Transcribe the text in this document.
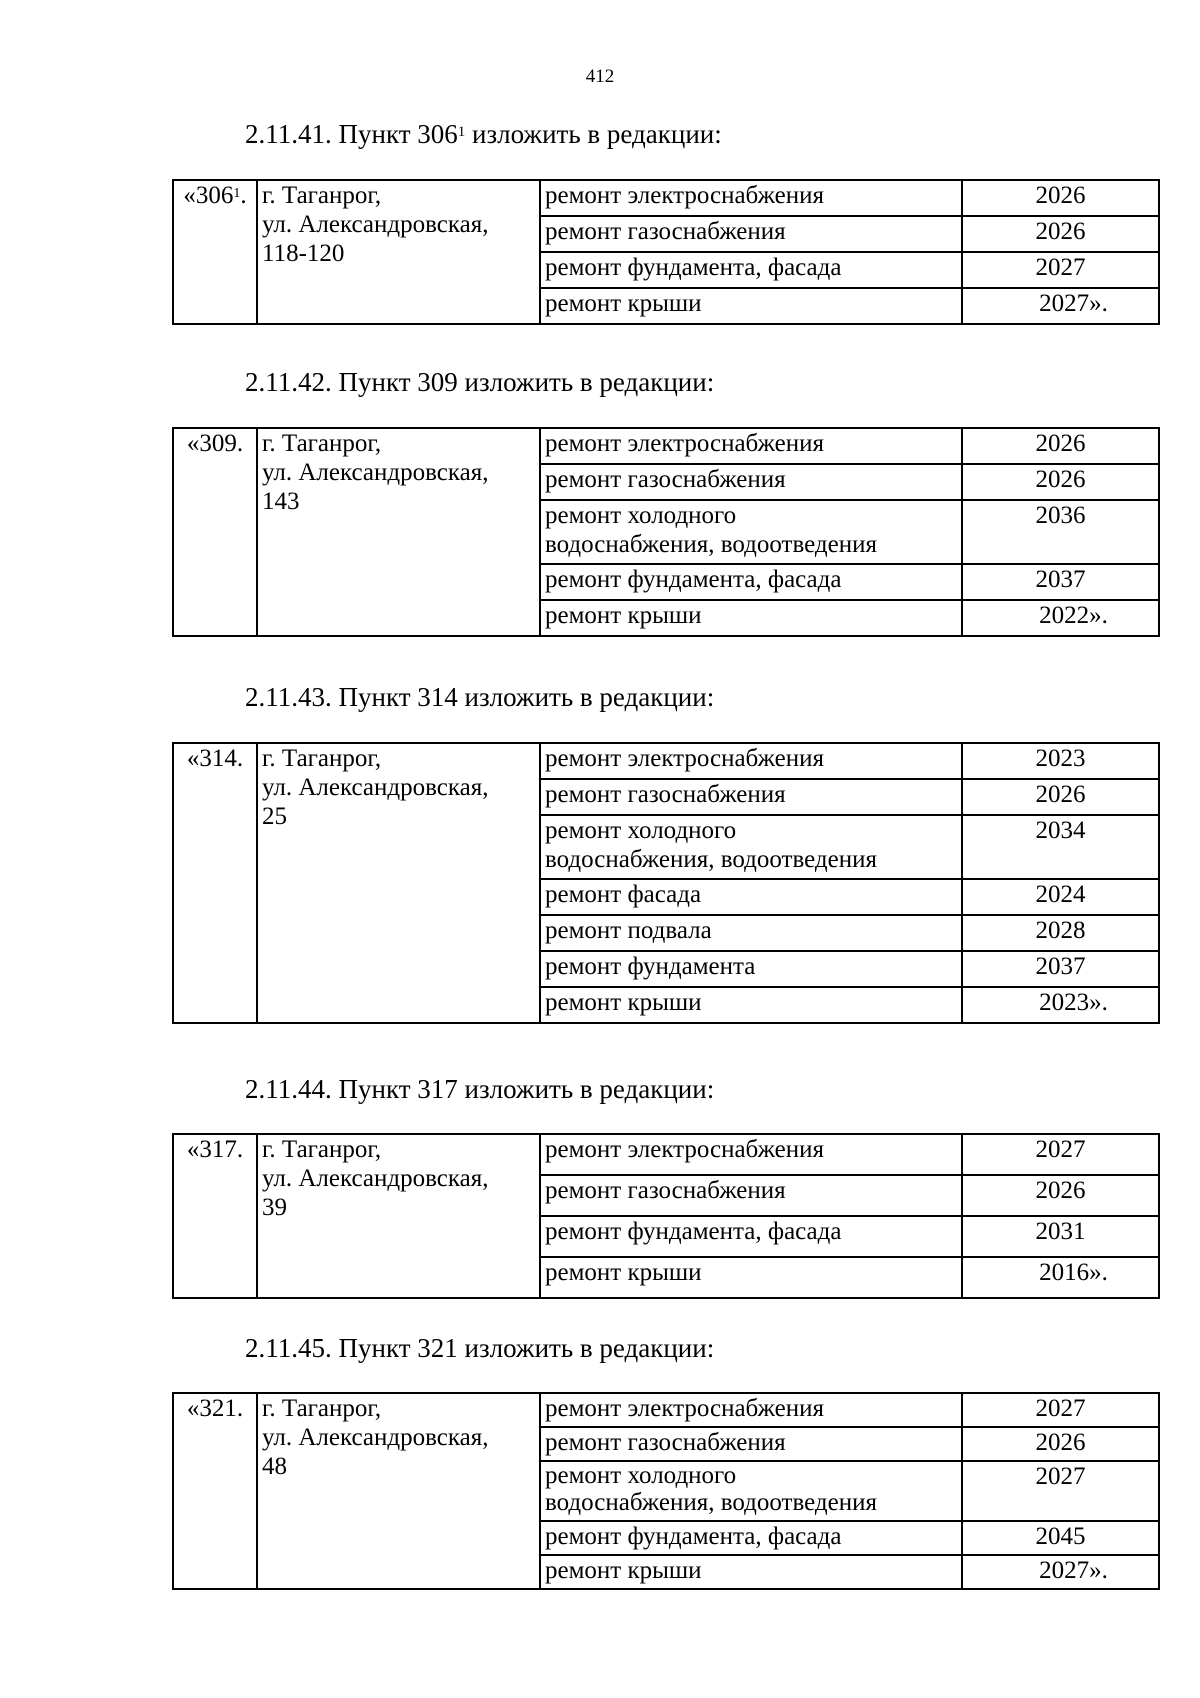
412
2.11.41. Пункт $306^1$ изложить в редакции:
«$306^1$.	г. Таганрог,
ул. Александровская,
118-120	ремонт электроснабжения	2026
		ремонт газоснабжения	2026
		ремонт фундамента, фасада	2027
		ремонт крыши	2027».
2.11.42. Пункт 309 изложить в редакции:
«309.	г. Таганрог,
ул. Александровская,
143	ремонт электроснабжения	2026
		ремонт газоснабжения	2026

		ремонт холодного
водоснабжения, водоотведения	2036
		ремонт фундамента, фасада	2037
		ремонт крыши	2022».
2.11.43. Пункт 314 изложить в редакции:
«314.	г. Таганрог,
ул. Александровская,
25	ремонт электроснабжения	2023
		ремонт газоснабжения	2026

		ремонт холодного
водоснабжения, водоотведения	2034
		ремонт фасада	2024
		ремонт подвала	2028
		ремонт фундамента	2037
		ремонт крыши	2023».
2.11.44. Пункт 317 изложить в редакции:
«317.	г. Таганрог,
ул. Александровская,
39	ремонт электроснабжения	2027
		ремонт газоснабжения	2026
		ремонт фундамента, фасада	2031
		ремонт крыши	2016».
2.11.45. Пункт 321 изложить в редакции:
«321.	г. Таганрог,
ул. Александровская,
48	ремонт электроснабжения	2027
		ремонт газоснабжения	2026

		ремонт холодного
водоснабжения, водоотведения	2027
		ремонт фундамента, фасада	2045
		ремонт крыши	2027».
